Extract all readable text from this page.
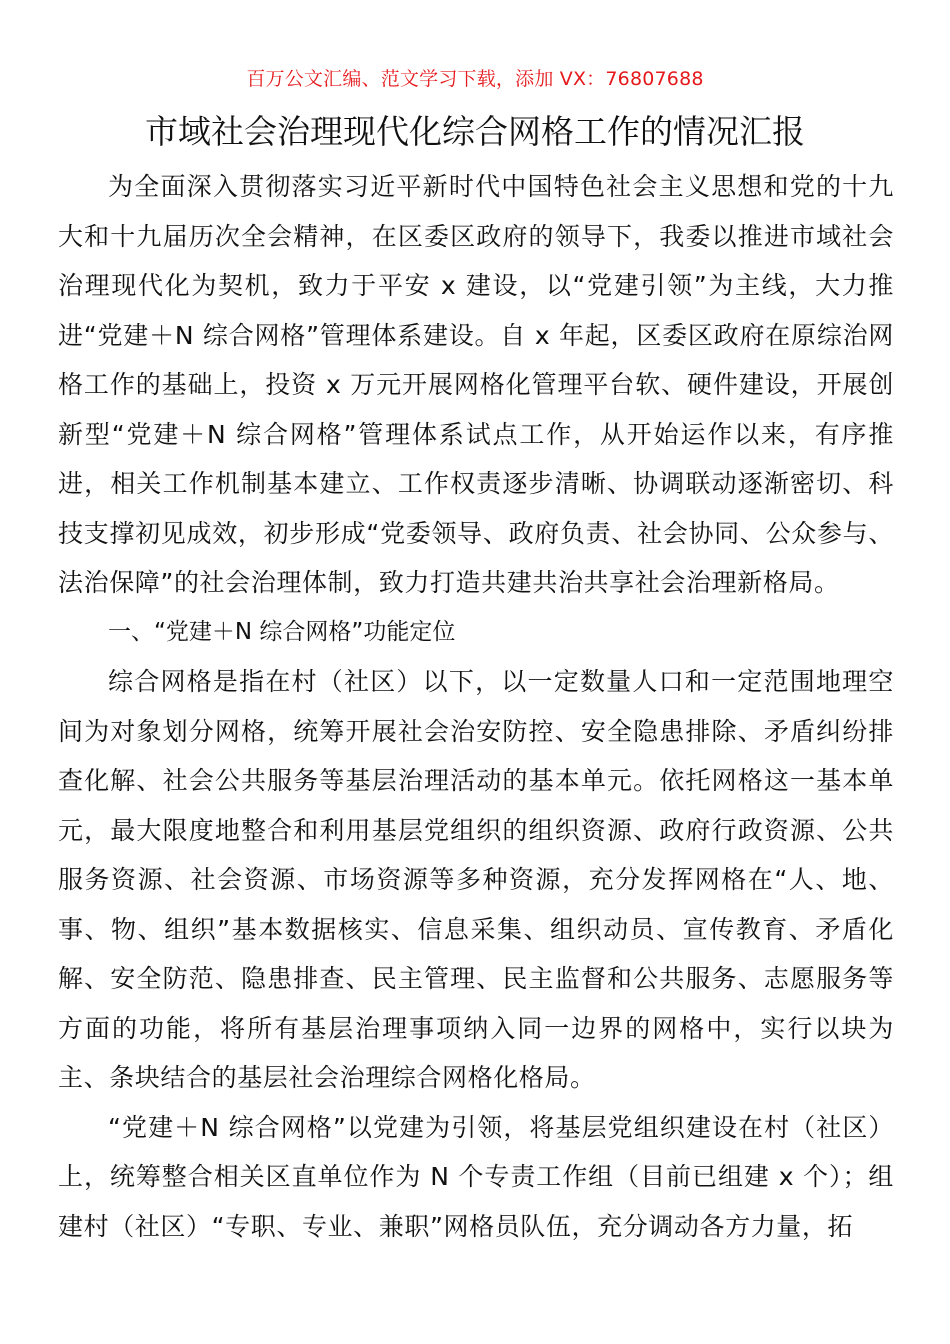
百万公文汇编、范文学习下载，添加 VX：76807688
市域社会治理现代化综合网格工作的情况汇报

为全面深入贯彻落实习近平新时代中国特色社会主义思想和党的十九大和十九届历次全会精神，在区委区政府的领导下，我委以推进市域社会治理现代化为契机，致力于平安 x 建设，以“党建引领”为主线，大力推进“党建＋N 综合网格”管理体系建设。自 x 年起，区委区政府在原综治网格工作的基础上，投资 x 万元开展网格化管理平台软、硬件建设，开展创新型“党建＋N 综合网格”管理体系试点工作，从开始运作以来，有序推进，相关工作机制基本建立、工作权责逐步清晰、协调联动逐渐密切、科技支撑初见成效，初步形成“党委领导、政府负责、社会协同、公众参与、法治保障”的社会治理体制，致力打造共建共治共享社会治理新格局。

一、“党建＋N 综合网格”功能定位

综合网格是指在村（社区）以下，以一定数量人口和一定范围地理空间为对象划分网格，统筹开展社会治安防控、安全隐患排除、矛盾纠纷排查化解、社会公共服务等基层治理活动的基本单元。依托网格这一基本单元，最大限度地整合和利用基层党组织的组织资源、政府行政资源、公共服务资源、社会资源、市场资源等多种资源，充分发挥网格在“人、地、事、物、组织”基本数据核实、信息采集、组织动员、宣传教育、矛盾化解、安全防范、隐患排查、民主管理、民主监督和公共服务、志愿服务等方面的功能，将所有基层治理事项纳入同一边界的网格中，实行以块为主、条块结合的基层社会治理综合网格化格局。

“党建＋N 综合网格”以党建为引领，将基层党组织建设在村（社区）上，统筹整合相关区直单位作为 N 个专责工作组（目前已组建 x 个）；组建村（社区）“专职、专业、兼职”网格员队伍，充分调动各方力量，拓
